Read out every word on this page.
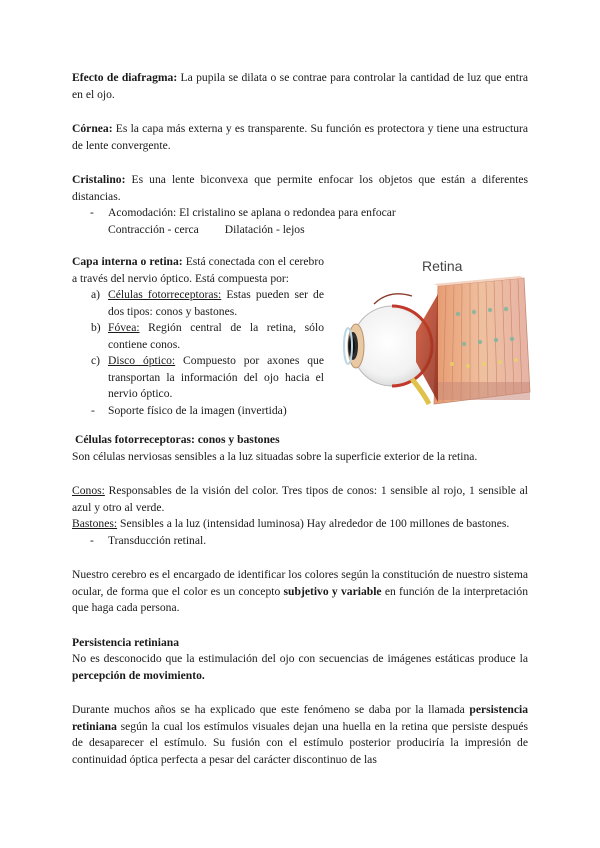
Efecto de diafragma: La pupila se dilata o se contrae para controlar la cantidad de luz que entra en el ojo.

Córnea: Es la capa más externa y es transparente. Su función es protectora y tiene una estructura de lente convergente.

Cristalino: Es una lente biconvexa que permite enfocar los objetos que están a diferentes distancias.

- Acomodación: El cristalino se aplana o redondea para enfocar
Contracción - cerca Dilatación - lejos

Capa interna o retina: Está conectada con el cerebro a través del nervio óptico. Está compuesta por:

a) Células fotorreceptoras: Estas pueden ser de dos tipos: conos y bastones.
b) Fóvea: Región central de la retina, sólo contiene conos.
c) Disco óptico: Compuesto por axones que transportan la información del ojo hacia el nervio óptico.
- Soporte físico de la imagen (invertida)
Retina

Células fotorreceptoras: conos y bastones

Son células nerviosas sensibles a la luz situadas sobre la superficie exterior de la retina.

Conos: Responsables de la visión del color. Tres tipos de conos: 1 sensible al rojo, 1 sensible al azul y otro al verde.

Bastones: Sensibles a la luz (intensidad luminosa) Hay alrededor de 100 millones de bastones.

- Transducción retinal.

Nuestro cerebro es el encargado de identificar los colores según la constitución de nuestro sistema ocular, de forma que el color es un concepto subjetivo y variable en función de la interpretación que haga cada persona.

Persistencia retiniana

No es desconocido que la estimulación del ojo con secuencias de imágenes estáticas produce la percepción de movimiento.

Durante muchos años se ha explicado que este fenómeno se daba por la llamada persistencia retiniana según la cual los estímulos visuales dejan una huella en la retina que persiste después de desaparecer el estímulo. Su fusión con el estímulo posterior produciría la impresión de continuidad óptica perfecta a pesar del carácter discontinuo de las
